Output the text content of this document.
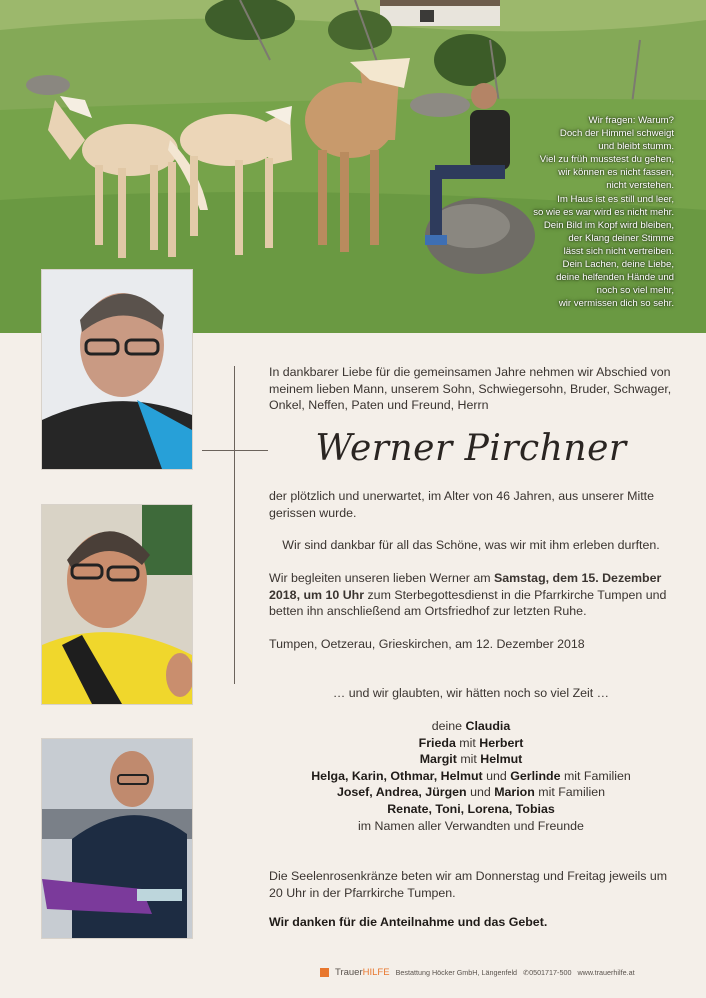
Wir fragen: Warum?
Doch der Himmel schweigt
und bleibt stumm.
Viel zu früh musstest du gehen,
wir können es nicht fassen,
nicht verstehen.
Im Haus ist es still und leer,
so wie es war wird es nicht mehr.
Dein Bild im Kopf wird bleiben,
der Klang deiner Stimme
lässt sich nicht vertreiben.
Dein Lachen, deine Liebe,
deine helfenden Hände und
noch so viel mehr,
wir vermissen dich so sehr.
In dankbarer Liebe für die gemeinsamen Jahre nehmen wir Abschied von meinem lieben Mann, unserem Sohn, Schwiegersohn, Bruder, Schwager, Onkel, Neffen, Paten und Freund, Herrn
Werner Pirchner
der plötzlich und unerwartet, im Alter von 46 Jahren, aus unserer Mitte gerissen wurde.
Wir sind dankbar für all das Schöne, was wir mit ihm erleben durften.
Wir begleiten unseren lieben Werner am Samstag, dem 15. Dezember 2018, um 10 Uhr zum Sterbegottesdienst in die Pfarrkirche Tumpen und betten ihn anschließend am Ortsfriedhof zur letzten Ruhe.
Tumpen, Oetzerau, Grieskirchen, am 12. Dezember 2018
… und wir glaubten, wir hätten noch so viel Zeit …
deine Claudia
Frieda mit Herbert
Margit mit Helmut
Helga, Karin, Othmar, Helmut und Gerlinde mit Familien
Josef, Andrea, Jürgen und Marion mit Familien
Renate, Toni, Lorena, Tobias
im Namen aller Verwandten und Freunde
Die Seelenrosenkränze beten wir am Donnerstag und Freitag jeweils um 20 Uhr in der Pfarrkirche Tumpen.
Wir danken für die Anteilnahme und das Gebet.
TrauerHILFE Bestattung Höcker GmbH, Längenfeld ✆0501717-500 www.trauerhilfe.at
